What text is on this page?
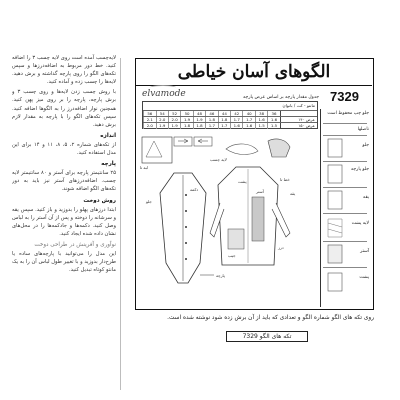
لایه‌چسب آمده است روی لایه چسب ۳ را اضافه کنید. خط دور مربوط به اضافه‌درزها و سپس تکه‌های الگو را روی پارچه گذاشته و برش دهید. لایه‌ها را چسب زده و آماده کنید.

با روش چسب زدن لایه‌ها و روی چسب ۳ و برش پارچه، پارچه را بر روی میز پهن کنید. همچنین نوار اضافه‌درز را به الگوها اضافه کنید. سپس تکه‌های الگو را با پارچه به مقدار لازم برش دهید.

اندازه

از تکه‌های شماره ۲، ۵، ۸، ۱۱ و ۱۴ برای این مدل استفاده کنید.

پارچه

۲۵ سانتیمتر پارچه برای آستر و ۸۰ سانتیمتر لایه چسب. اضافه‌درزهای آستر نیز باید به دور تکه‌های الگو اضافه شوند.

روش دوخت

ابتدا درزهای پهلو را بدوزید و باز کنید. سپس یقه و سرشانه را دوخته و پس از آن آستر را به لباس وصل کنید. دکمه‌ها و جادکمه‌ها را در محل‌های نشان داده شده ایجاد کنید.

نوآوری و آفرینش در طراحی دوخت

این مدل را می‌توانید با پارچه‌های ساده یا طرح‌دار بدوزید و با تغییر طول لباس آن را به یک مانتو کوتاه تبدیل کنید.

الگوهای آسان خیاطی
elvamode	7329
جدول مقدار پارچه بر اساس عرض پارچه
مانتو - کت / بانوان

36
38
40
42
44
46
48
50
52
54
56
عرض ۱۴۰
1.6
1.6
1.7
1.7
1.8
1.8
1.9
1.9
2.0
2.0
2.1
عرض ۱۵۰
1.5
1.5
1.6
1.6
1.7
1.7
1.8
1.8
1.9
1.9
2.0
جلو چپ محفوظ است
ناصلها
جلو
جلو پارچه
یقه
لایه پشت
آستر
پشت
لبه تا
لایه چسب
پارچه
جلو
پشت
آستر
جیب
یقه
دکمه
درز
خط تا
روی تکه های الگو شماره الگو و تعدادی که باید از آن برش زده شود نوشته شده است.
تکه های الگو 7329
